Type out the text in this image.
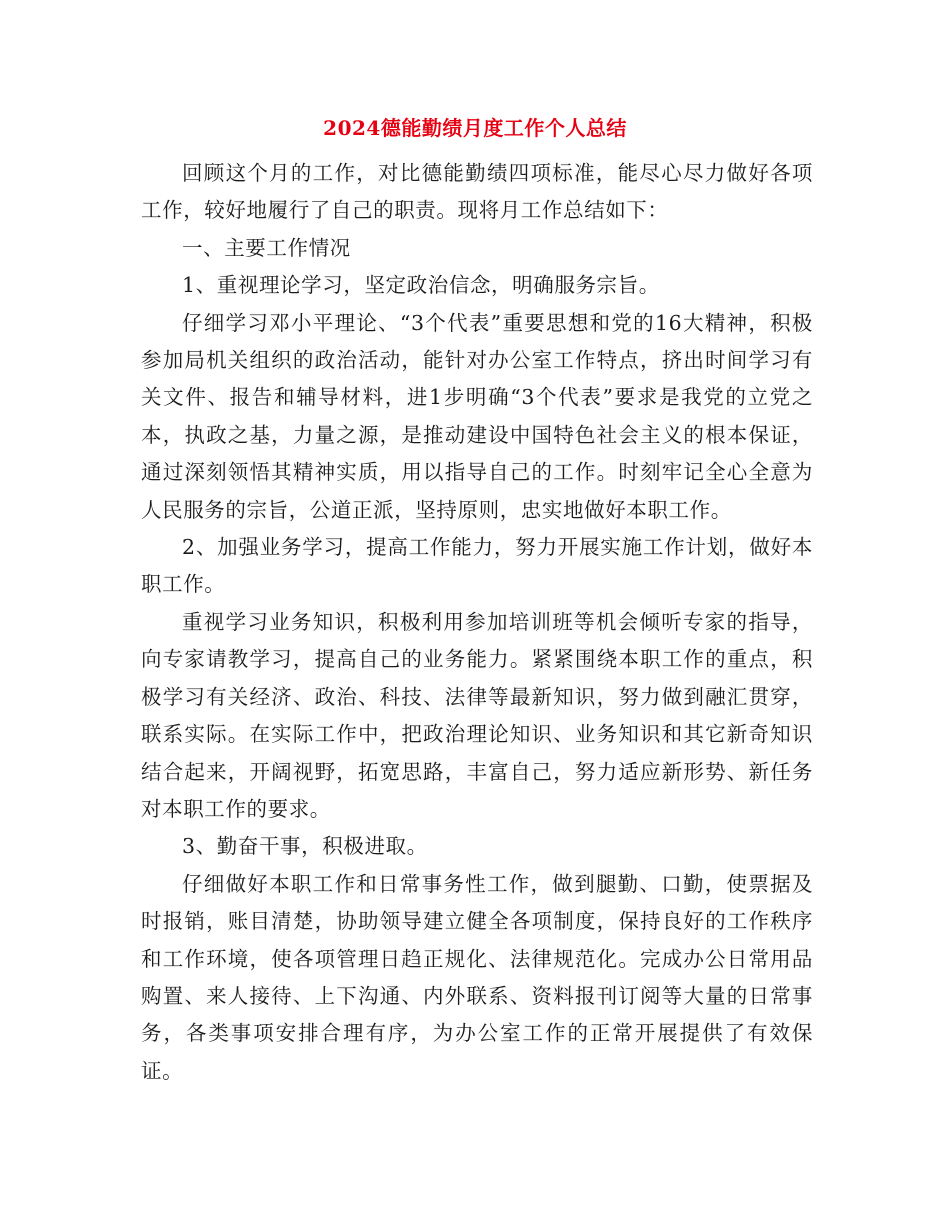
2024德能勤绩月度工作个人总结

回顾这个月的工作，对比德能勤绩四项标准，能尽心尽力做好各项工作，较好地履行了自己的职责。现将月工作总结如下：

一、主要工作情况

1、重视理论学习，坚定政治信念，明确服务宗旨。

仔细学习邓小平理论、“3个代表”重要思想和党的16大精神，积极参加局机关组织的政治活动，能针对办公室工作特点，挤出时间学习有关文件、报告和辅导材料，进1步明确“3个代表”要求是我党的立党之本，执政之基，力量之源，是推动建设中国特色社会主义的根本保证，通过深刻领悟其精神实质，用以指导自己的工作。时刻牢记全心全意为人民服务的宗旨，公道正派，坚持原则，忠实地做好本职工作。

2、加强业务学习，提高工作能力，努力开展实施工作计划，做好本职工作。

重视学习业务知识，积极利用参加培训班等机会倾听专家的指导，向专家请教学习，提高自己的业务能力。紧紧围绕本职工作的重点，积极学习有关经济、政治、科技、法律等最新知识，努力做到融汇贯穿，联系实际。在实际工作中，把政治理论知识、业务知识和其它新奇知识结合起来，开阔视野，拓宽思路，丰富自己，努力适应新形势、新任务对本职工作的要求。

3、勤奋干事，积极进取。

仔细做好本职工作和日常事务性工作，做到腿勤、口勤，使票据及时报销，账目清楚，协助领导建立健全各项制度，保持良好的工作秩序和工作环境，使各项管理日趋正规化、法律规范化。完成办公日常用品购置、来人接待、上下沟通、内外联系、资料报刊订阅等大量的日常事务，各类事项安排合理有序，为办公室工作的正常开展提供了有效保证。
